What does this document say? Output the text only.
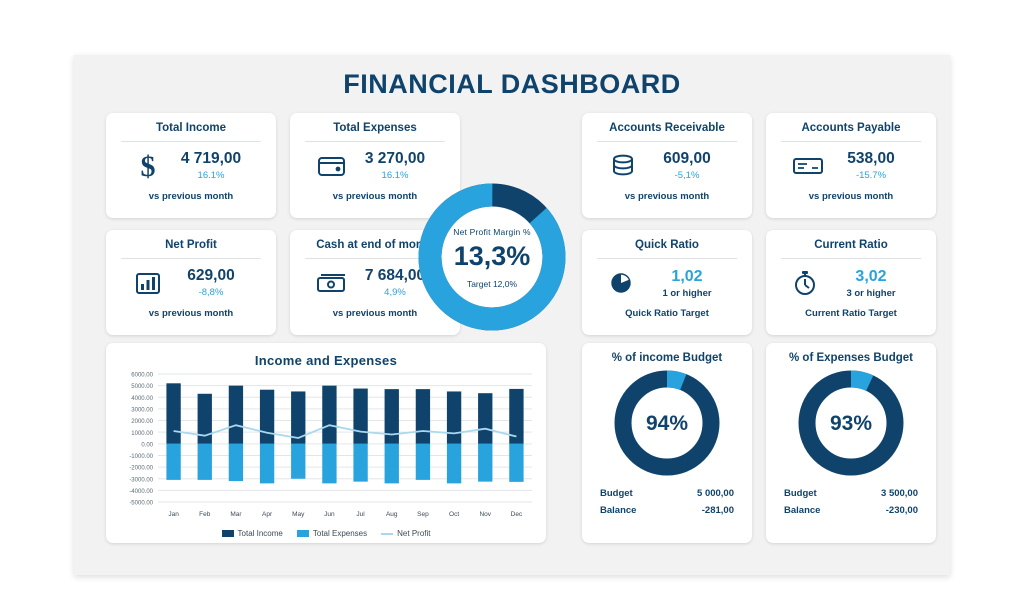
FINANCIAL DASHBOARD
Total Income
$ 4 719,00
16.1%
vs previous month
Total Expenses
3 270,00
16.1%
vs previous month
Accounts Receivable
609,00
-5,1%
vs previous month
Accounts Payable
538,00
-15.7%
vs previous month
Net Profit
629,00
-8,8%
vs previous month
Cash at end of month
7 684,00
4,9%
vs previous month
Quick Ratio
1,02
1 or higher
Quick Ratio Target
Current Ratio
3,02
3 or higher
Current Ratio Target
Net Profit Margin %
13,3%
Target 12,0%
Income and Expenses
6000.00
5000.00
4000.00
3000.00
2000.00
1000.00
0.00
-1000.00
-2000.00
-3000.00
-4000.00
-5000.00
Jan	Feb	Mar	Apr	May	Jun	Jul	Aug	Sep	Oct	Nov	Dec
Total Income	Total Expenses	Net Profit
% of income Budget
94%
Budget	5 000,00
Balance	-281,00
% of Expenses Budget
93%
Budget	3 500,00
Balance	-230,00
